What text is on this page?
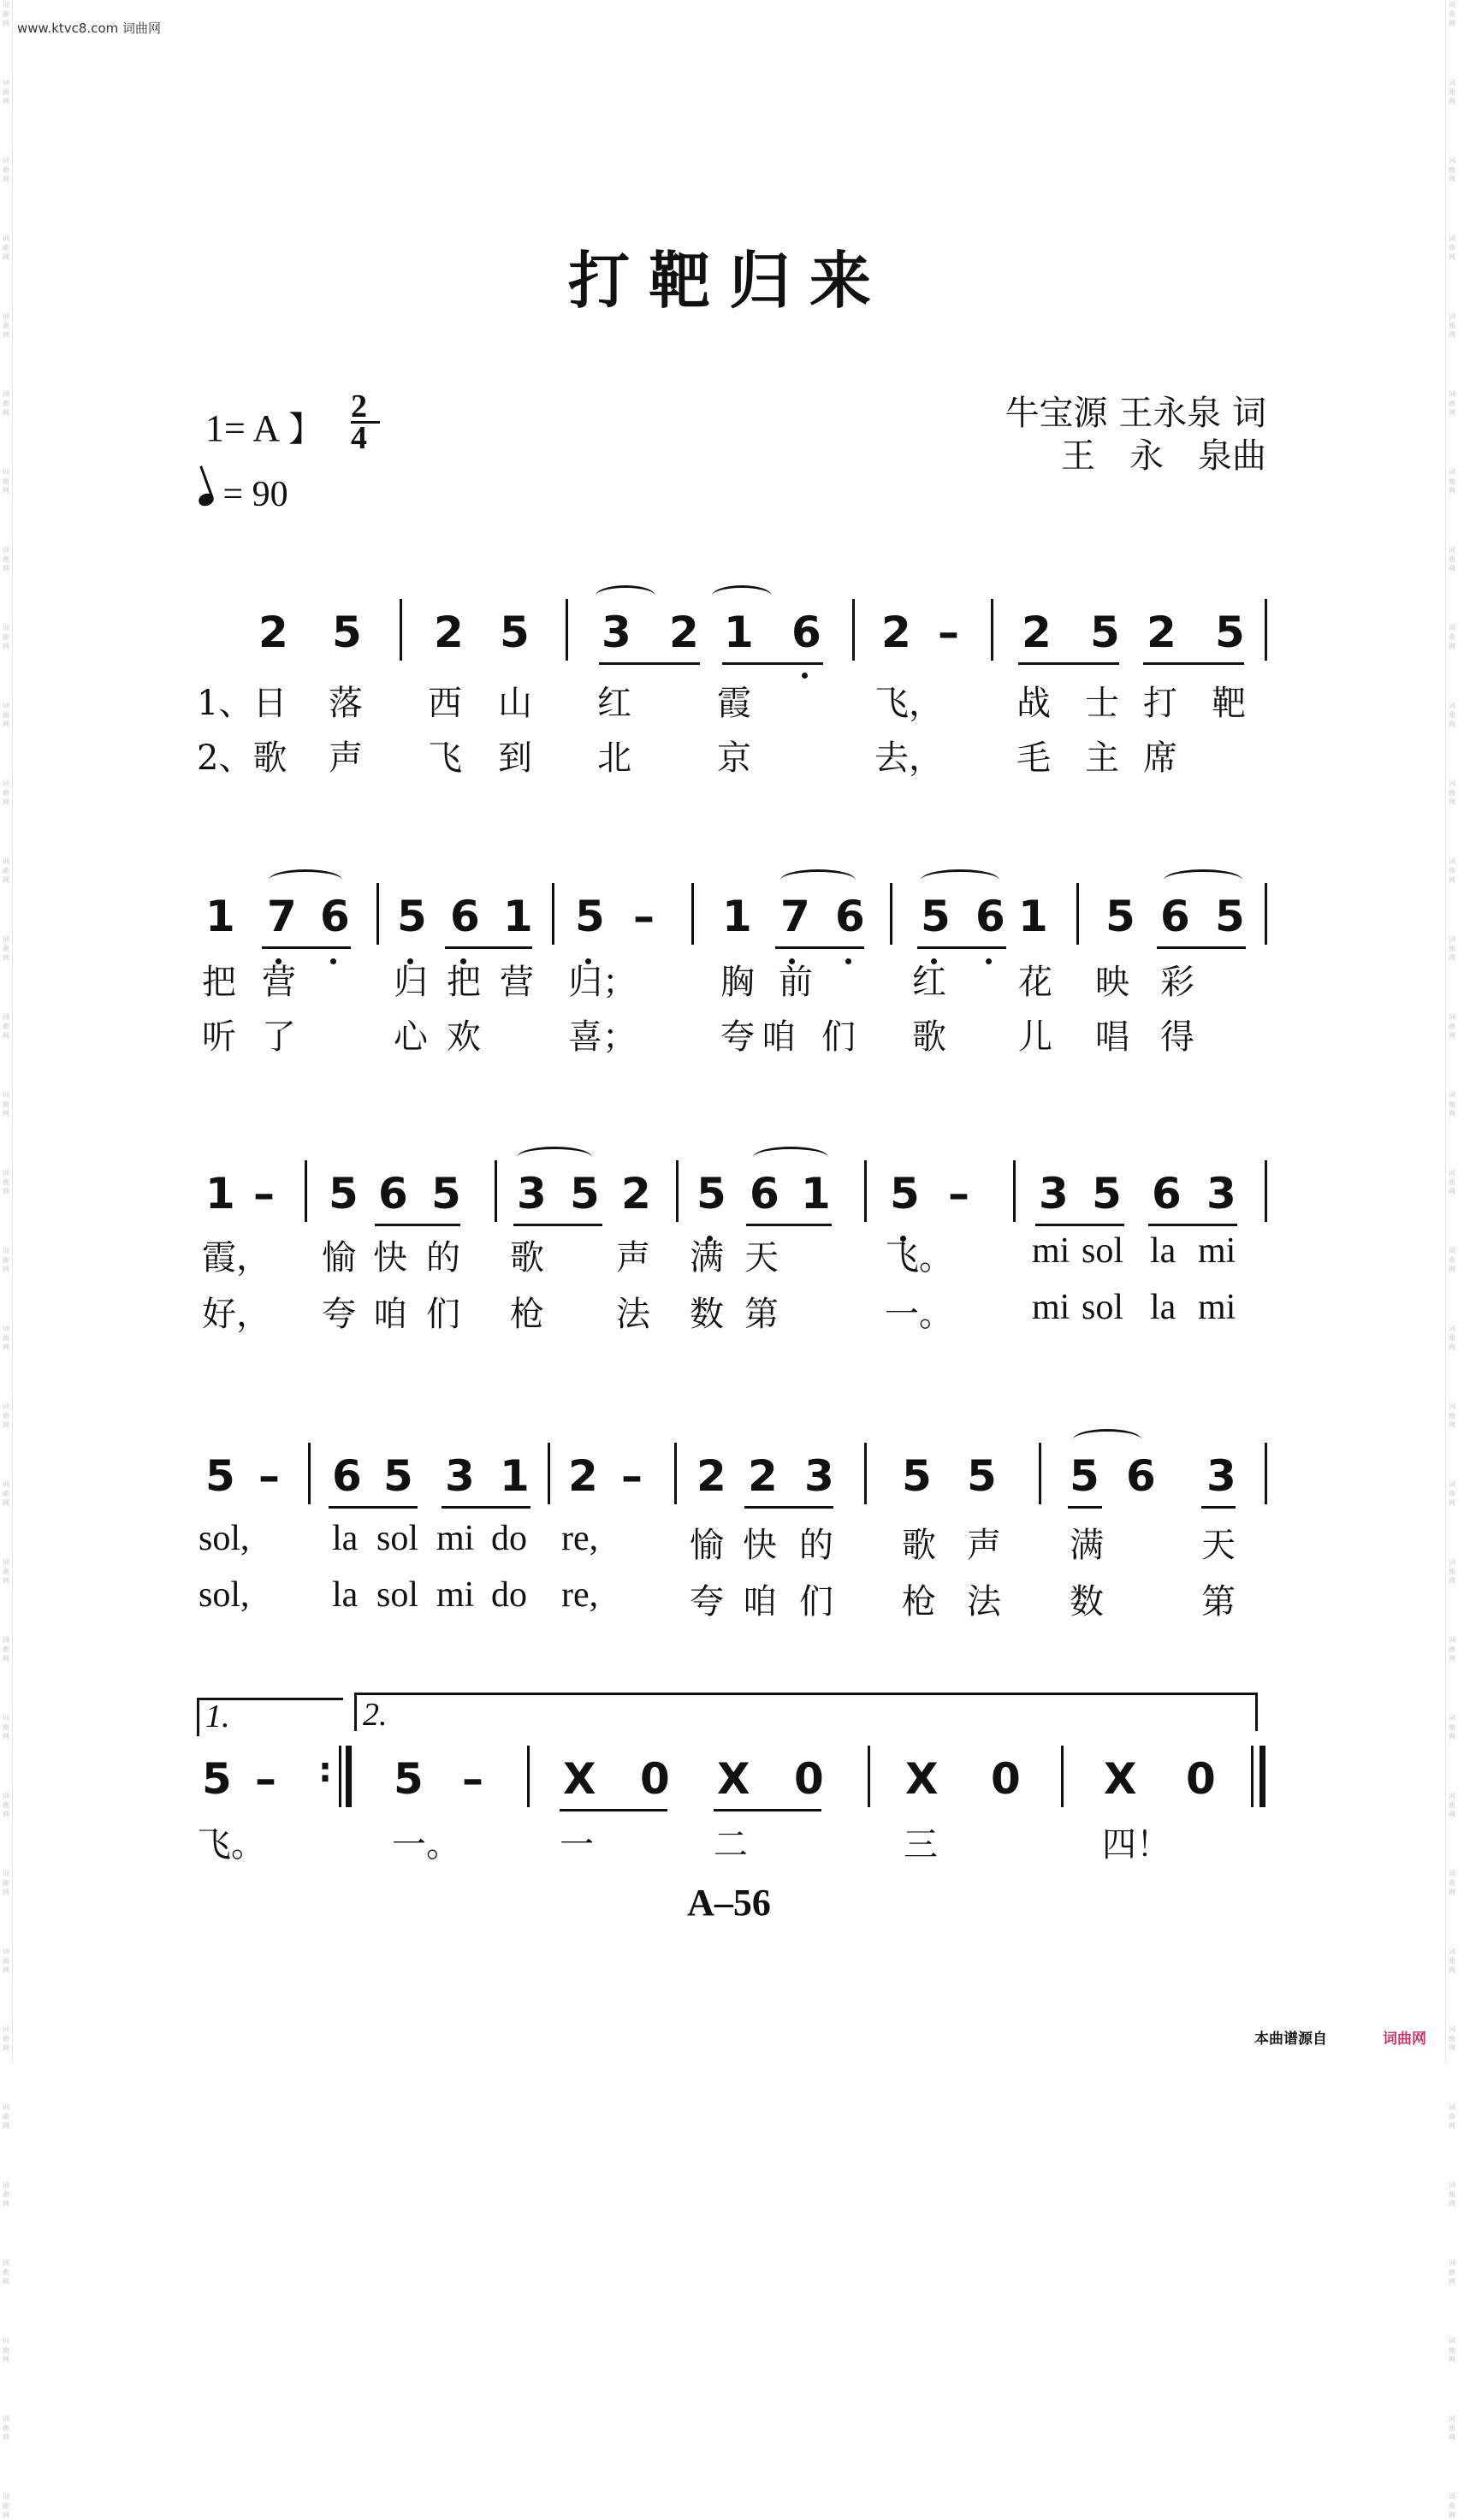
词曲网
词曲网
词曲网
词曲网
词曲网
词曲网
词曲网
词曲网
词曲网
词曲网
词曲网
词曲网
词曲网
词曲网
词曲网
词曲网
词曲网
词曲网
词曲网
词曲网
词曲网
词曲网
词曲网
词曲网
词曲网
词曲网
词曲网
词曲网
词曲网
词曲网
词曲网
词曲网
词曲网
词曲网
词曲网
词曲网
词曲网
词曲网
词曲网
词曲网
词曲网
词曲网
词曲网
词曲网
词曲网
词曲网
词曲网
词曲网
词曲网
词曲网
词曲网
词曲网
词曲网
词曲网
词曲网
词曲网
词曲网
词曲网
词曲网
词曲网
词曲网
词曲网
词曲网
词曲网
词曲网
词曲网
www.ktvc8.com 词曲网
打靶归来
1= A 】
2
4
= 90
牛宝源 王永泉 词
王　永　泉曲
2 5 2 5 3 2 1 6 2 – 2 5 2 5
1、日 落 西 山 红	霞	飞， 战 士 打 靶
2、歌 声 飞 到 北	京	去， 毛 主 席
1 7 6 5 6 1 5 – 1 7 6 5 6 1 5 6 5
把 营	归 把 营 归； 胸 前	红 花 映 彩
听 了	心 欢	喜； 夸 咱 们 歌 儿 唱 得
1 – 5 6 5 3 5 2 5 6 1 5 – 3 5 6 3
霞， 愉 快 的 歌 声 满 天	飞。 mi sol la mi
好， 夸 咱 们 枪 法 数 第	一。 mi sol la mi
5 – 6 5 3 1 2 – 2 2 3 5 5 5 6 3
sol, la sol mi do re,	愉 快 的 歌 声 满	天
sol, la sol mi do re,	夸 咱 们 枪 法 数	第
1.	2.
5 – : 5 – X 0 X 0 X 0 X 0
飞。	一。	一	二	三	四！
A–56
本曲谱源自	词曲网
